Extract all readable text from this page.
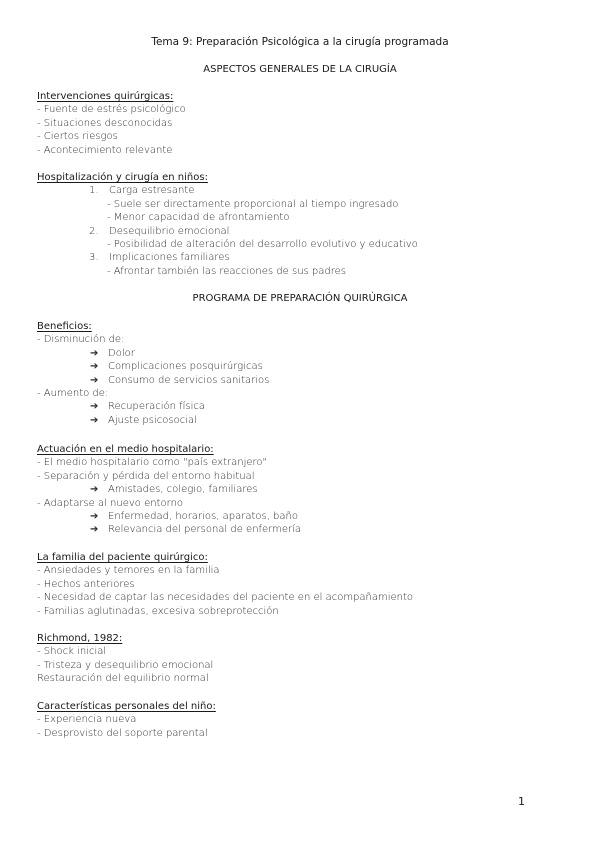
Tema 9: Preparación Psicológica a la cirugía programada
ASPECTOS GENERALES DE LA CIRUGÍA
Intervenciones quirúrgicas:
- Fuente de estrés psicológico
- Situaciones desconocidas
- Ciertos riesgos
- Acontecimiento relevante
Hospitalización y cirugía en niños:
1. Carga estresante
- Suele ser directamente proporcional al tiempo ingresado
- Menor capacidad de afrontamiento
2. Desequilibrio emocional
- Posibilidad de alteración del desarrollo evolutivo y educativo
3. Implicaciones familiares
- Afrontar también las reacciones de sus padres
PROGRAMA DE PREPARACIÓN QUIRÚRGICA
Beneficios:
- Disminución de:
➔ Dolor
➔ Complicaciones posquirúrgicas
➔ Consumo de servicios sanitarios
- Aumento de:
➔ Recuperación física
➔ Ajuste psicosocial
Actuación en el medio hospitalario:
- El medio hospitalario como "país extranjero"
- Separación y pérdida del entorno habitual
➔ Amistades, colegio, familiares
- Adaptarse al nuevo entorno
➔ Enfermedad, horarios, aparatos, baño
➔ Relevancia del personal de enfermería
La familia del paciente quirúrgico:
- Ansiedades y temores en la familia
- Hechos anteriores
- Necesidad de captar las necesidades del paciente en el acompañamiento
- Familias aglutinadas, excesiva sobreprotección
Richmond, 1982:
- Shock inicial
- Tristeza y desequilibrio emocional
Restauración del equilibrio normal
Características personales del niño:
- Experiencia nueva
- Desprovisto del soporte parental
1
